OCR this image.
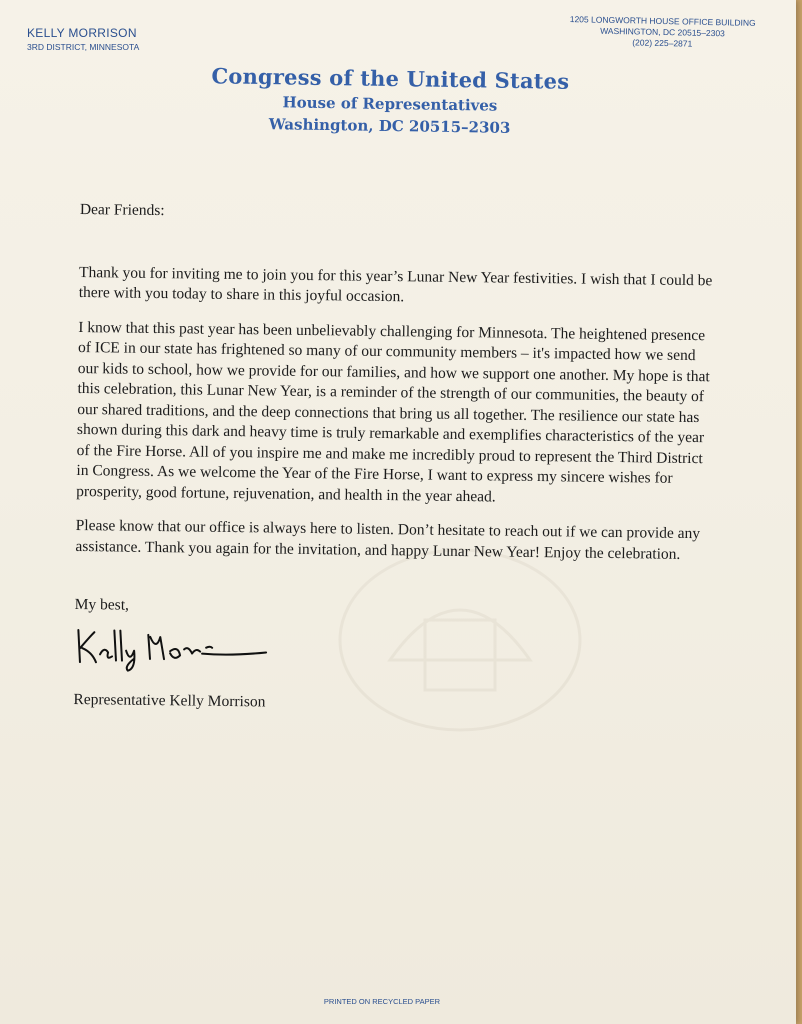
KELLY MORRISON
3RD DISTRICT, MINNESOTA
1205 LONGWORTH HOUSE OFFICE BUILDING
WASHINGTON, DC 20515–2303
(202) 225–2871
Congress of the United States
House of Representatives
Washington, DC 20515–2303

Dear Friends:

Thank you for inviting me to join you for this year’s Lunar New Year festivities. I wish that I could be there with you today to share in this joyful occasion.

I know that this past year has been unbelievably challenging for Minnesota. The heightened presence of ICE in our state has frightened so many of our community members – it's impacted how we send our kids to school, how we provide for our families, and how we support one another. My hope is that this celebration, this Lunar New Year, is a reminder of the strength of our communities, the beauty of our shared traditions, and the deep connections that bring us all together. The resilience our state has shown during this dark and heavy time is truly remarkable and exemplifies characteristics of the year of the Fire Horse. All of you inspire me and make me incredibly proud to represent the Third District in Congress. As we welcome the Year of the Fire Horse, I want to express my sincere wishes for prosperity, good fortune, rejuvenation, and health in the year ahead.

Please know that our office is always here to listen. Don’t hesitate to reach out if we can provide any assistance. Thank you again for the invitation, and happy Lunar New Year! Enjoy the celebration.

My best,

Representative Kelly Morrison

PRINTED ON RECYCLED PAPER
